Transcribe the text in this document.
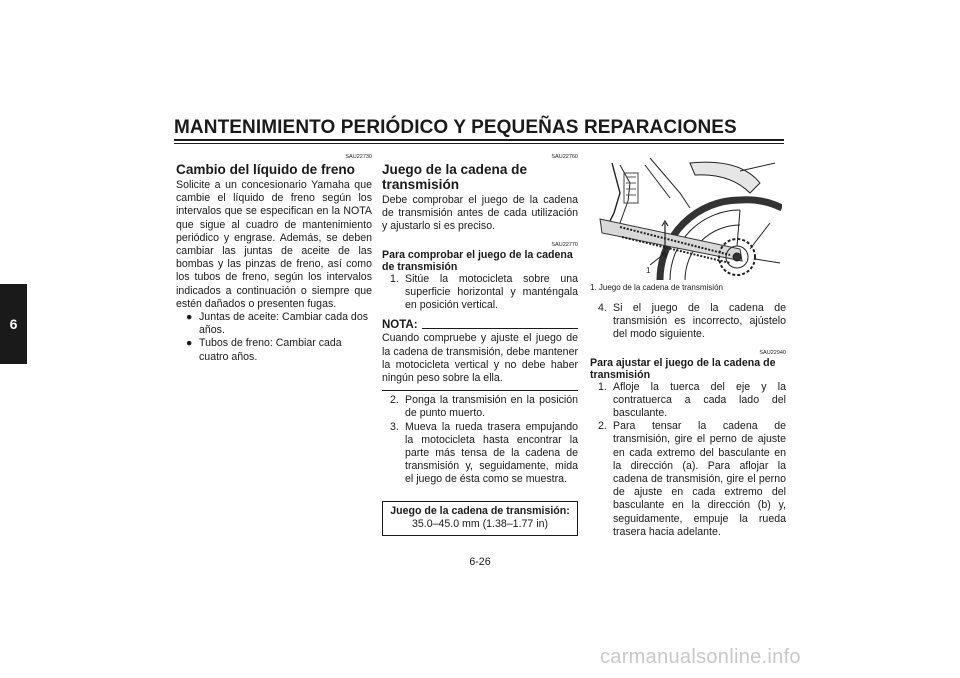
MANTENIMIENTO PERIÓDICO Y PEQUEÑAS REPARACIONES
6
SAU22730
Cambio del líquido de freno

Solicite a un concesionario Yamaha que cambie el líquido de freno según los intervalos que se especifican en la NOTA que sigue al cuadro de mantenimiento periódico y engrase. Además, se deben cambiar las juntas de aceite de las bombas y las pinzas de freno, así como los tubos de freno, según los intervalos indicados a continuación o siempre que estén dañados o presenten fugas.

● Juntas de aceite: Cambiar cada dos años.
● Tubos de freno: Cambiar cada cuatro años.
SAU22760
Juego de la cadena de transmisión

Debe comprobar el juego de la cadena de transmisión antes de cada utilización y ajustarlo si es preciso.

SAU22770
Para comprobar el juego de la cadena de transmisión
1. Sitúe la motocicleta sobre una superficie horizontal y manténgala en posición vertical.
NOTA:

Cuando compruebe y ajuste el juego de la cadena de transmisión, debe mantener la motocicleta vertical y no debe haber ningún peso sobre la ella.

2. Ponga la transmisión en la posición de punto muerto.
3. Mueva la rueda trasera empujando la motocicleta hasta encontrar la parte más tensa de la cadena de transmisión y, seguidamente, mida el juego de ésta como se muestra.
Juego de la cadena de transmisión:
35.0–45.0 mm (1.38–1.77 in)
1
1. Juego de la cadena de transmisión
4. Si el juego de la cadena de transmisión es incorrecto, ajústelo del modo siguiente.
SAU22940
Para ajustar el juego de la cadena de transmisión
1. Afloje la tuerca del eje y la contratuerca a cada lado del basculante.
2. Para tensar la cadena de transmisión, gire el perno de ajuste en cada extremo del basculante en la dirección (a). Para aflojar la cadena de transmisión, gire el perno de ajuste en cada extremo del basculante en la dirección (b) y, seguidamente, empuje la rueda trasera hacia adelante.
6-26
carmanualsonline.info
